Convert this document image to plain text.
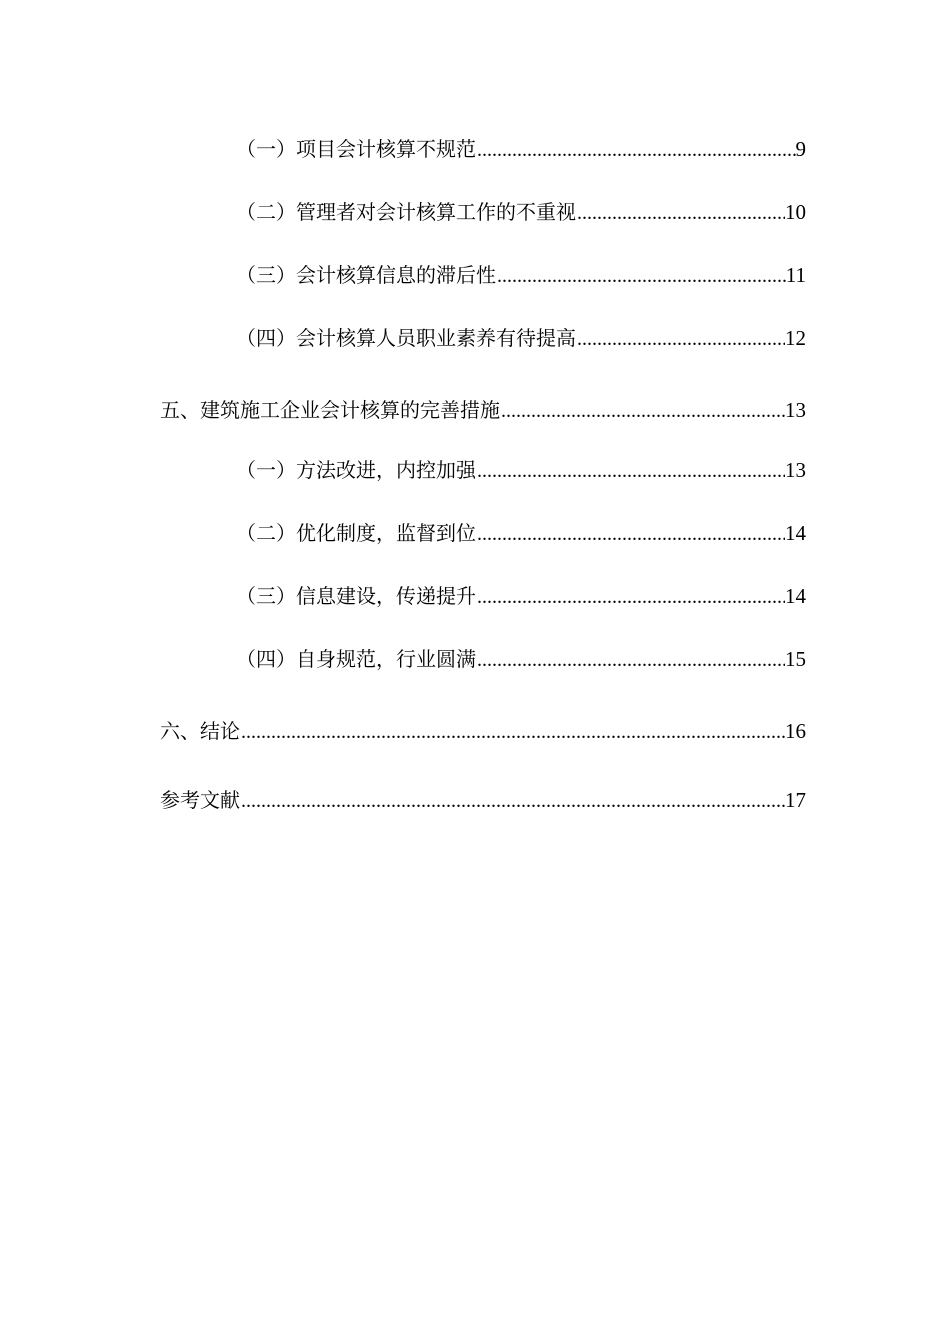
（一）项目会计核算不规范 .....	9
（二）管理者对会计核算工作的不重视 .....	10
（三）会计核算信息的滞后性 .....	11
（四）会计核算人员职业素养有待提高 .....	12
五、建筑施工企业会计核算的完善措施 .....	13
（一）方法改进，内控加强 .....	13
（二）优化制度，监督到位 .....	14
（三）信息建设，传递提升 .....	14
（四）自身规范，行业圆满 .....	15
六、结论 .....	16
参考文献 .....	17
